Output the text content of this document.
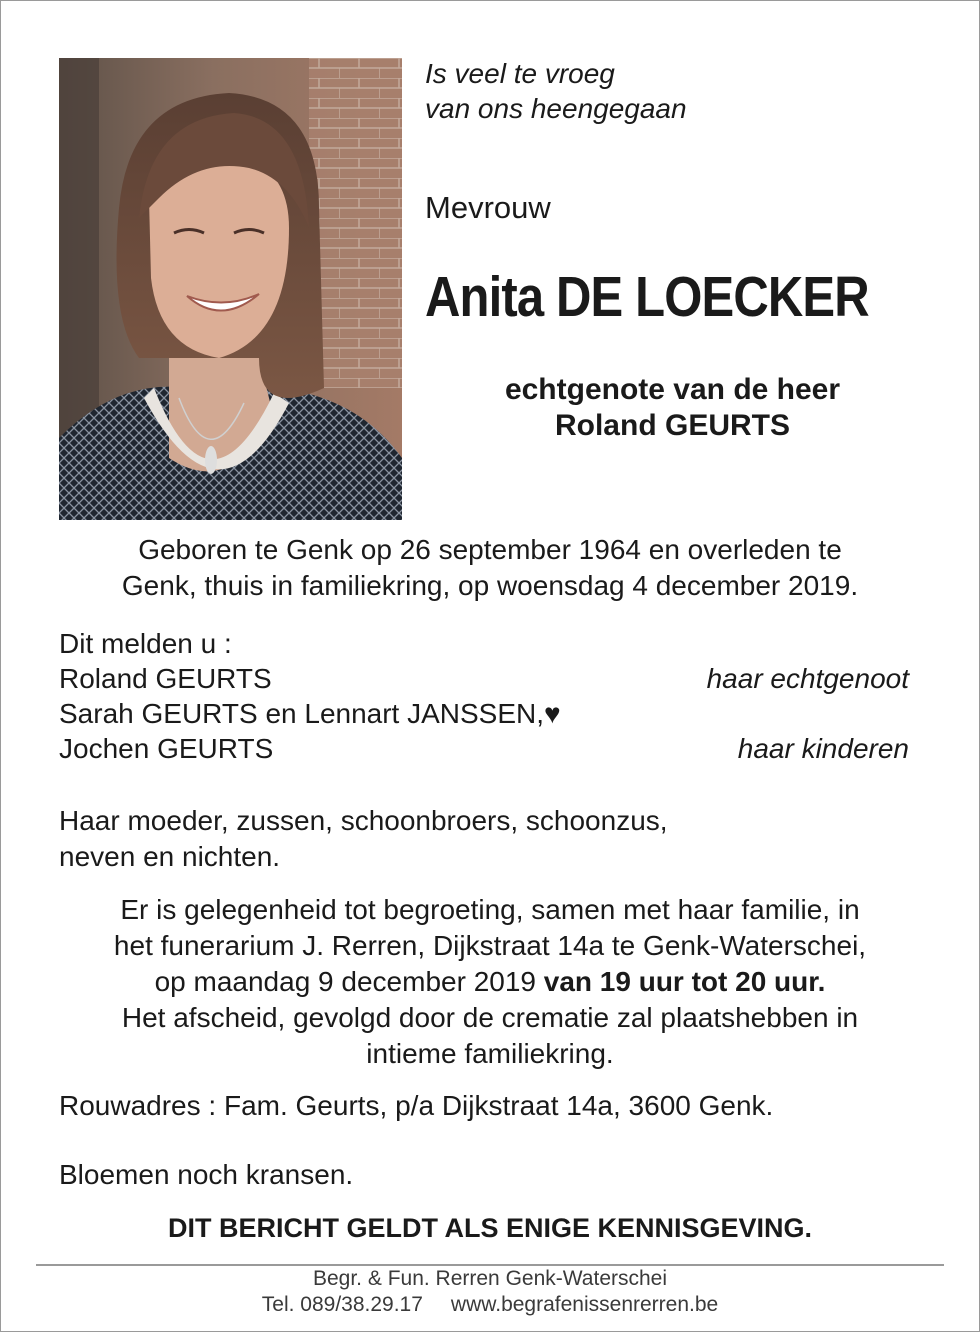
Is veel te vroeg
van ons heengegaan
Mevrouw
Anita DE LOECKER
echtgenote van de heer
Roland GEURTS
Geboren te Genk op 26 september 1964 en overleden te
Genk, thuis in familiekring, op woensdag 4 december 2019.
Dit melden u :
Roland GEURTS	haar echtgenoot
Sarah GEURTS en Lennart JANSSEN,♥
Jochen GEURTS	haar kinderen
Haar moeder, zussen, schoonbroers, schoonzus,
neven en nichten.
Er is gelegenheid tot begroeting, samen met haar familie, in
het funerarium J. Rerren, Dijkstraat 14a te Genk-Waterschei,
op maandag 9 december 2019 van 19 uur tot 20 uur.
Het afscheid, gevolgd door de crematie zal plaatshebben in
intieme familiekring.
Rouwadres : Fam. Geurts, p/a Dijkstraat 14a, 3600 Genk.
Bloemen noch kransen.
DIT BERICHT GELDT ALS ENIGE KENNISGEVING.
Begr. & Fun. Rerren Genk-Waterschei
Tel. 089/38.29.17 www.begrafenissenrerren.be
